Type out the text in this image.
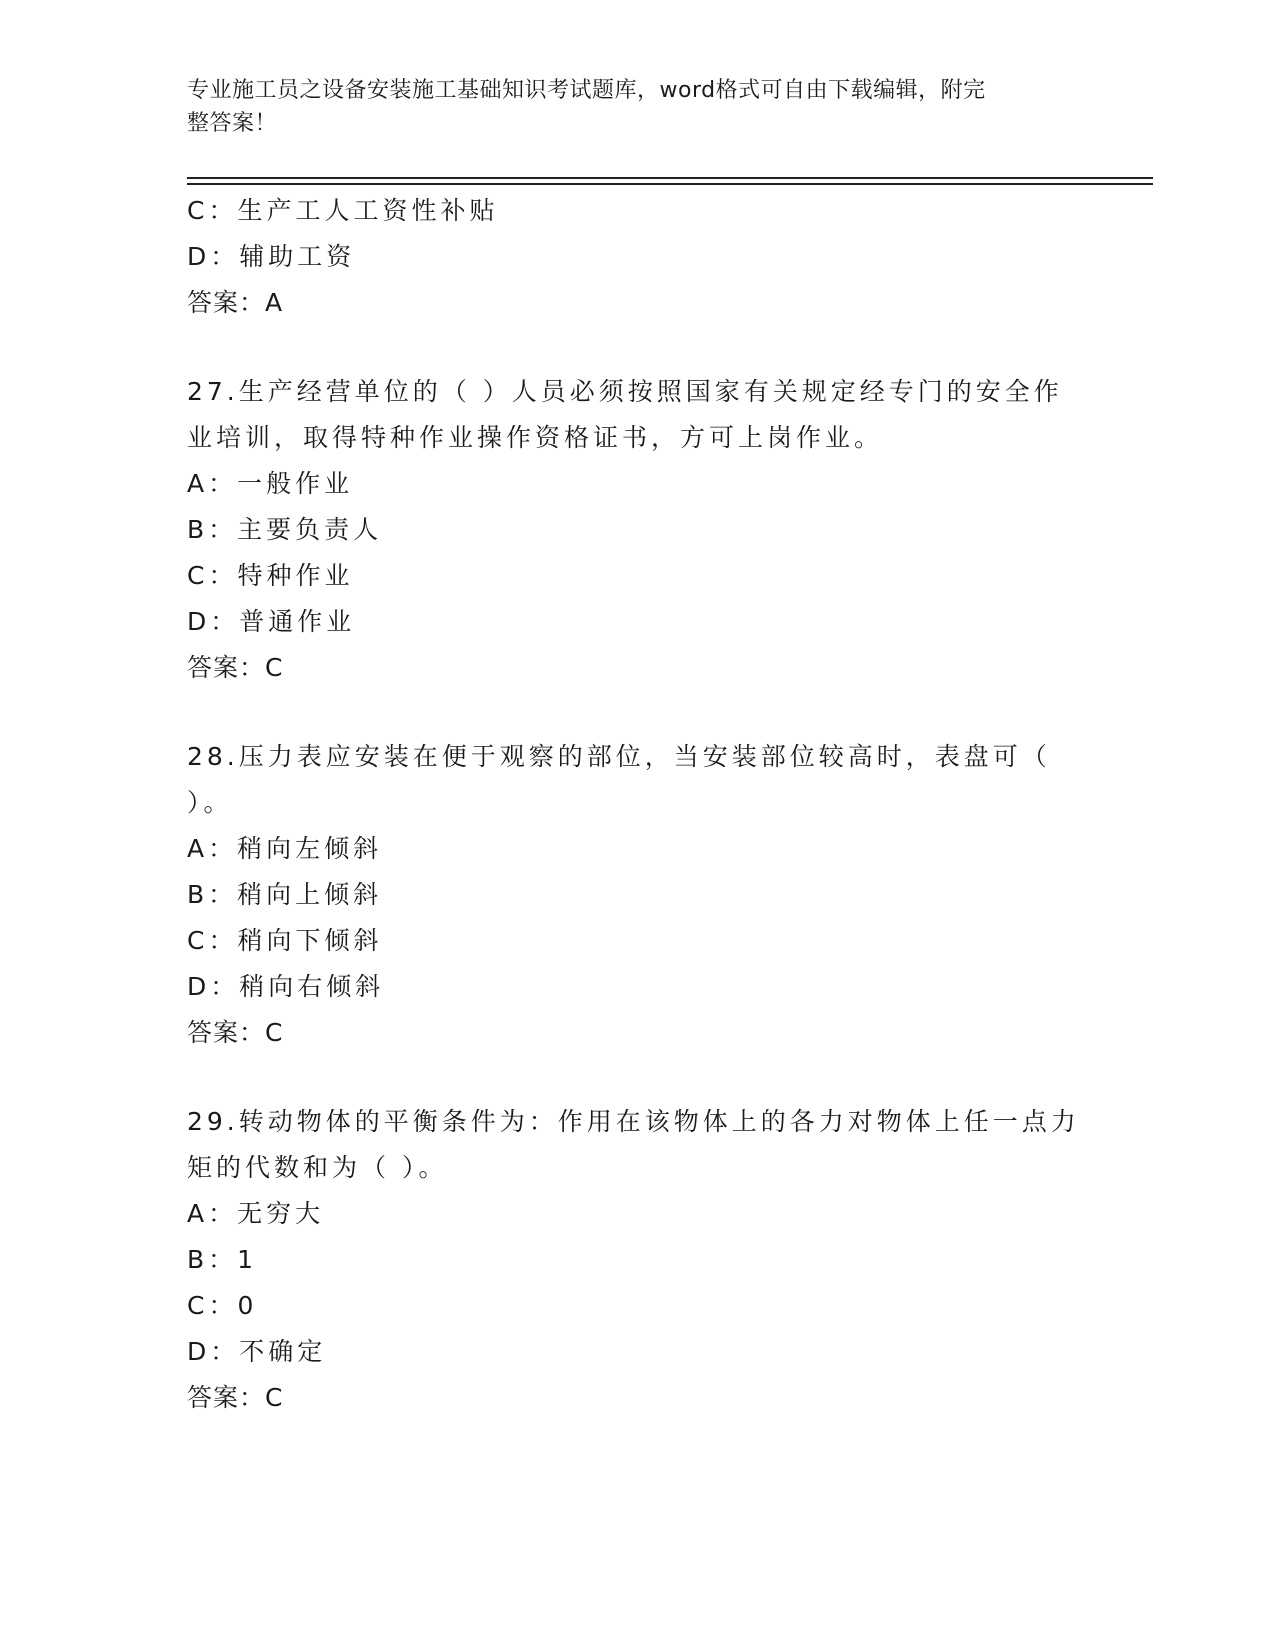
专业施工员之设备安装施工基础知识考试题库，word格式可自由下载编辑，附完
整答案！
C：生产工人工资性补贴
D：辅助工资
答案：A
27.生产经营单位的（ ）人员必须按照国家有关规定经专门的安全作
业培训，取得特种作业操作资格证书，方可上岗作业。
A：一般作业
B：主要负责人
C：特种作业
D：普通作业
答案：C
28.压力表应安装在便于观察的部位，当安装部位较高时，表盘可（
）。
A：稍向左倾斜
B：稍向上倾斜
C：稍向下倾斜
D：稍向右倾斜
答案：C
29.转动物体的平衡条件为：作用在该物体上的各力对物体上任一点力
矩的代数和为（ ）。
A：无穷大
B：1
C：0
D：不确定
答案：C
